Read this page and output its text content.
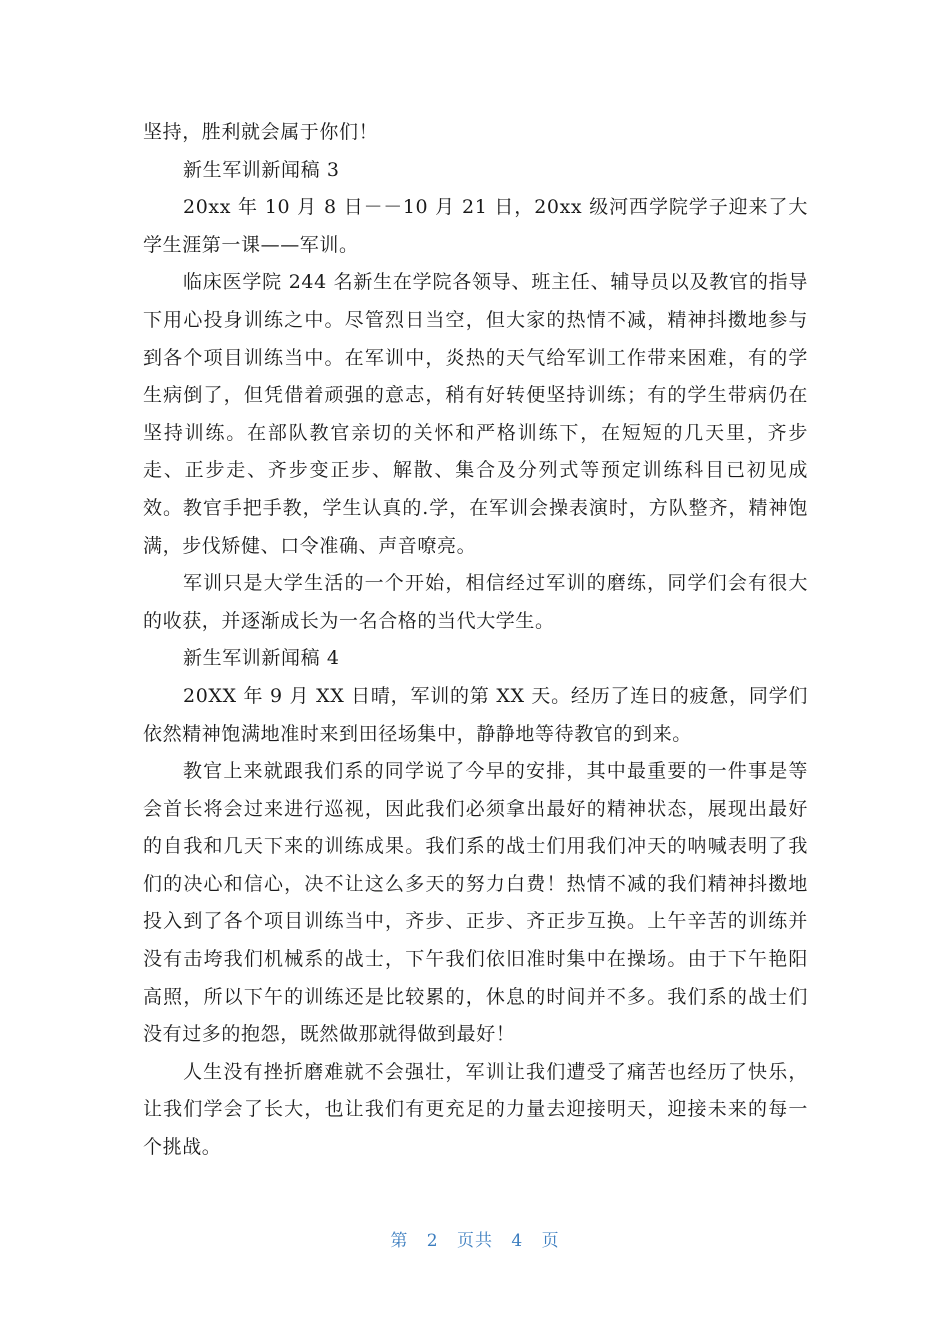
坚持，胜利就会属于你们！

新生军训新闻稿 3

20xx 年 10 月 8 日－－10 月 21 日，20xx 级河西学院学子迎来了大学生涯第一课——军训。

临床医学院 244 名新生在学院各领导、班主任、辅导员以及教官的指导下用心投身训练之中。尽管烈日当空，但大家的热情不减，精神抖擞地参与到各个项目训练当中。在军训中，炎热的天气给军训工作带来困难，有的学生病倒了，但凭借着顽强的意志，稍有好转便坚持训练；有的学生带病仍在坚持训练。在部队教官亲切的关怀和严格训练下，在短短的几天里，齐步走、正步走、齐步变正步、解散、集合及分列式等预定训练科目已初见成效。教官手把手教，学生认真的.学，在军训会操表演时，方队整齐，精神饱满，步伐矫健、口令准确、声音嘹亮。

军训只是大学生活的一个开始，相信经过军训的磨练，同学们会有很大的收获，并逐渐成长为一名合格的当代大学生。

新生军训新闻稿 4

20XX 年 9 月 XX 日晴，军训的第 XX 天。经历了连日的疲惫，同学们依然精神饱满地准时来到田径场集中，静静地等待教官的到来。

教官上来就跟我们系的同学说了今早的安排，其中最重要的一件事是等会首长将会过来进行巡视，因此我们必须拿出最好的精神状态，展现出最好的自我和几天下来的训练成果。我们系的战士们用我们冲天的呐喊表明了我们的决心和信心，决不让这么多天的努力白费！热情不减的我们精神抖擞地投入到了各个项目训练当中，齐步、正步、齐正步互换。上午辛苦的训练并没有击垮我们机械系的战士，下午我们依旧准时集中在操场。由于下午艳阳高照，所以下午的训练还是比较累的，休息的时间并不多。我们系的战士们没有过多的抱怨，既然做那就得做到最好！

人生没有挫折磨难就不会强壮，军训让我们遭受了痛苦也经历了快乐，让我们学会了长大，也让我们有更充足的力量去迎接明天，迎接未来的每一个挑战。

第 2 页共 4 页
